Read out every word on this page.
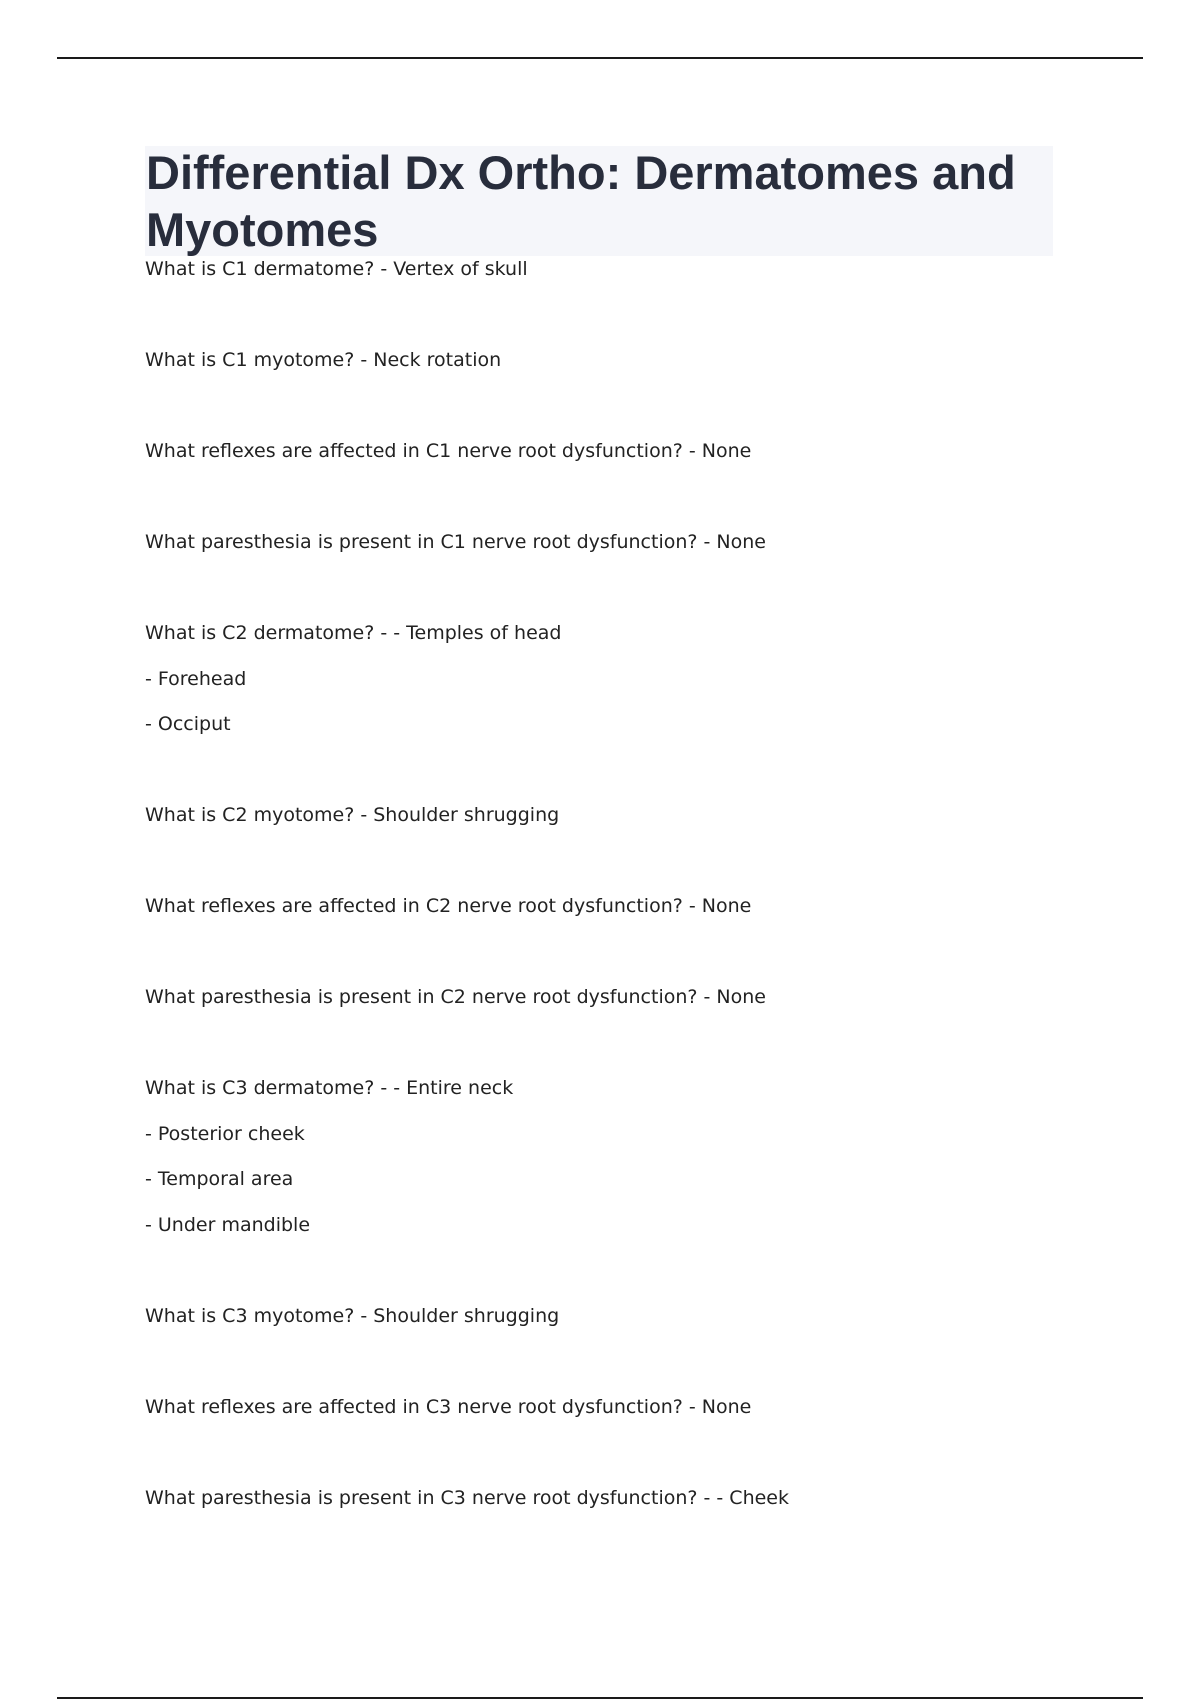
Differential Dx Ortho: Dermatomes and Myotomes

What is C1 dermatome? - Vertex of skull

What is C1 myotome? - Neck rotation

What reflexes are affected in C1 nerve root dysfunction? - None

What paresthesia is present in C1 nerve root dysfunction? - None

What is C2 dermatome? - - Temples of head

- Forehead

- Occiput

What is C2 myotome? - Shoulder shrugging

What reflexes are affected in C2 nerve root dysfunction? - None

What paresthesia is present in C2 nerve root dysfunction? - None

What is C3 dermatome? - - Entire neck

- Posterior cheek

- Temporal area

- Under mandible

What is C3 myotome? - Shoulder shrugging

What reflexes are affected in C3 nerve root dysfunction? - None

What paresthesia is present in C3 nerve root dysfunction? - - Cheek
